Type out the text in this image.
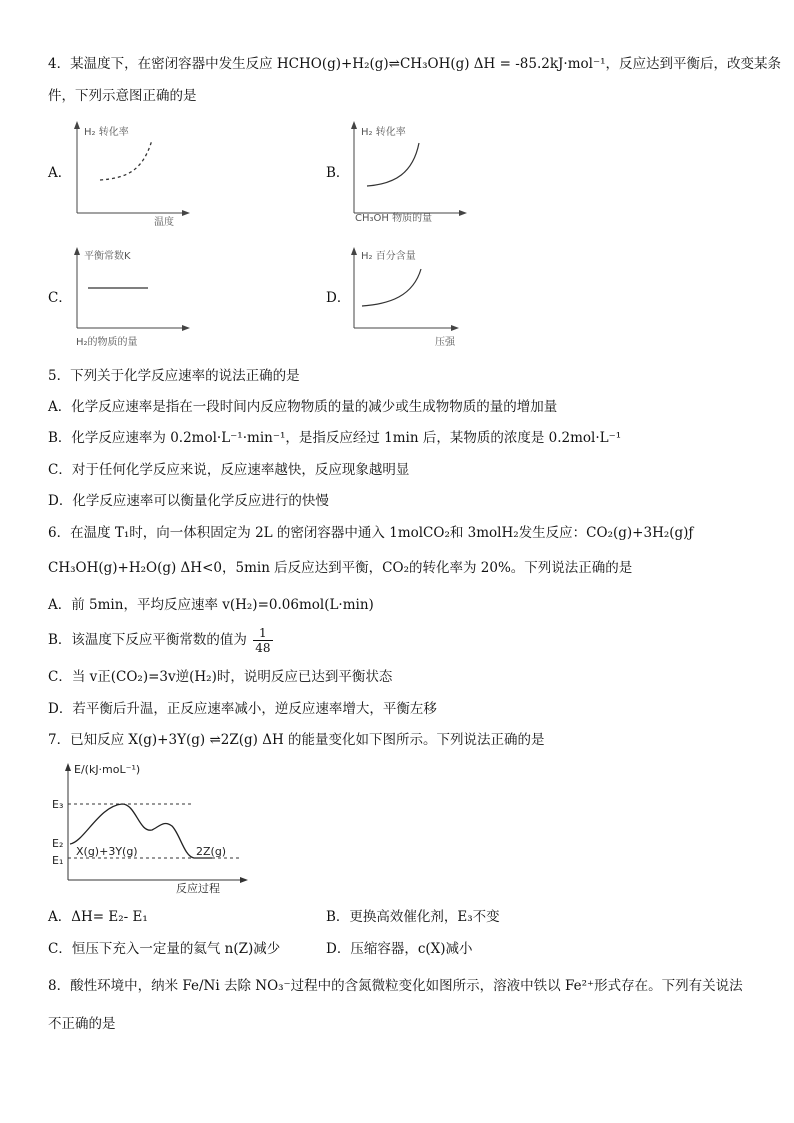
4．某温度下，在密闭容器中发生反应 HCHO(g)+H₂(g)⇌CH₃OH(g) ΔH = -85.2kJ·mol⁻¹，反应达到平衡后，改变某条
件，下列示意图正确的是
A．
H₂ 转化率
温度
B．
H₂ 转化率
CH₃OH 物质的量
C．
平衡常数K
H₂的物质的量
D．
H₂ 百分含量
压强
5．下列关于化学反应速率的说法正确的是
A．化学反应速率是指在一段时间内反应物物质的量的减少或生成物物质的量的增加量
B．化学反应速率为 0.2mol·L⁻¹·min⁻¹，是指反应经过 1min 后，某物质的浓度是 0.2mol·L⁻¹
C．对于任何化学反应来说，反应速率越快，反应现象越明显
D．化学反应速率可以衡量化学反应进行的快慢
6．在温度 T₁时，向一体积固定为 2L 的密闭容器中通入 1molCO₂和 3molH₂发生反应：CO₂(g)+3H₂(g)ƒ
CH₃OH(g)+H₂O(g) ΔH<0，5min 后反应达到平衡，CO₂的转化率为 20%。下列说法正确的是
A．前 5min，平均反应速率 v(H₂)=0.06mol(L·min)
B．该温度下反应平衡常数的值为 $\frac{1}{48}$
C．当 v正(CO₂)=3v逆(H₂)时，说明反应已达到平衡状态
D．若平衡后升温，正反应速率减小，逆反应速率增大，平衡左移
7．已知反应 X(g)+3Y(g) ⇌2Z(g) ΔH 的能量变化如下图所示。下列说法正确的是
E/(kJ·moL⁻¹)
反应过程
E₃
E₂
E₁
X(g)+3Y(g)	2Z(g)
A．ΔH= E₂- E₁	B．更换高效催化剂，E₃不变
C．恒压下充入一定量的氦气 n(Z)减少	D．压缩容器，c(X)减小
8．酸性环境中，纳米 Fe/Ni 去除 NO₃⁻过程中的含氮微粒变化如图所示，溶液中铁以 Fe²⁺形式存在。下列有关说法
不正确的是
